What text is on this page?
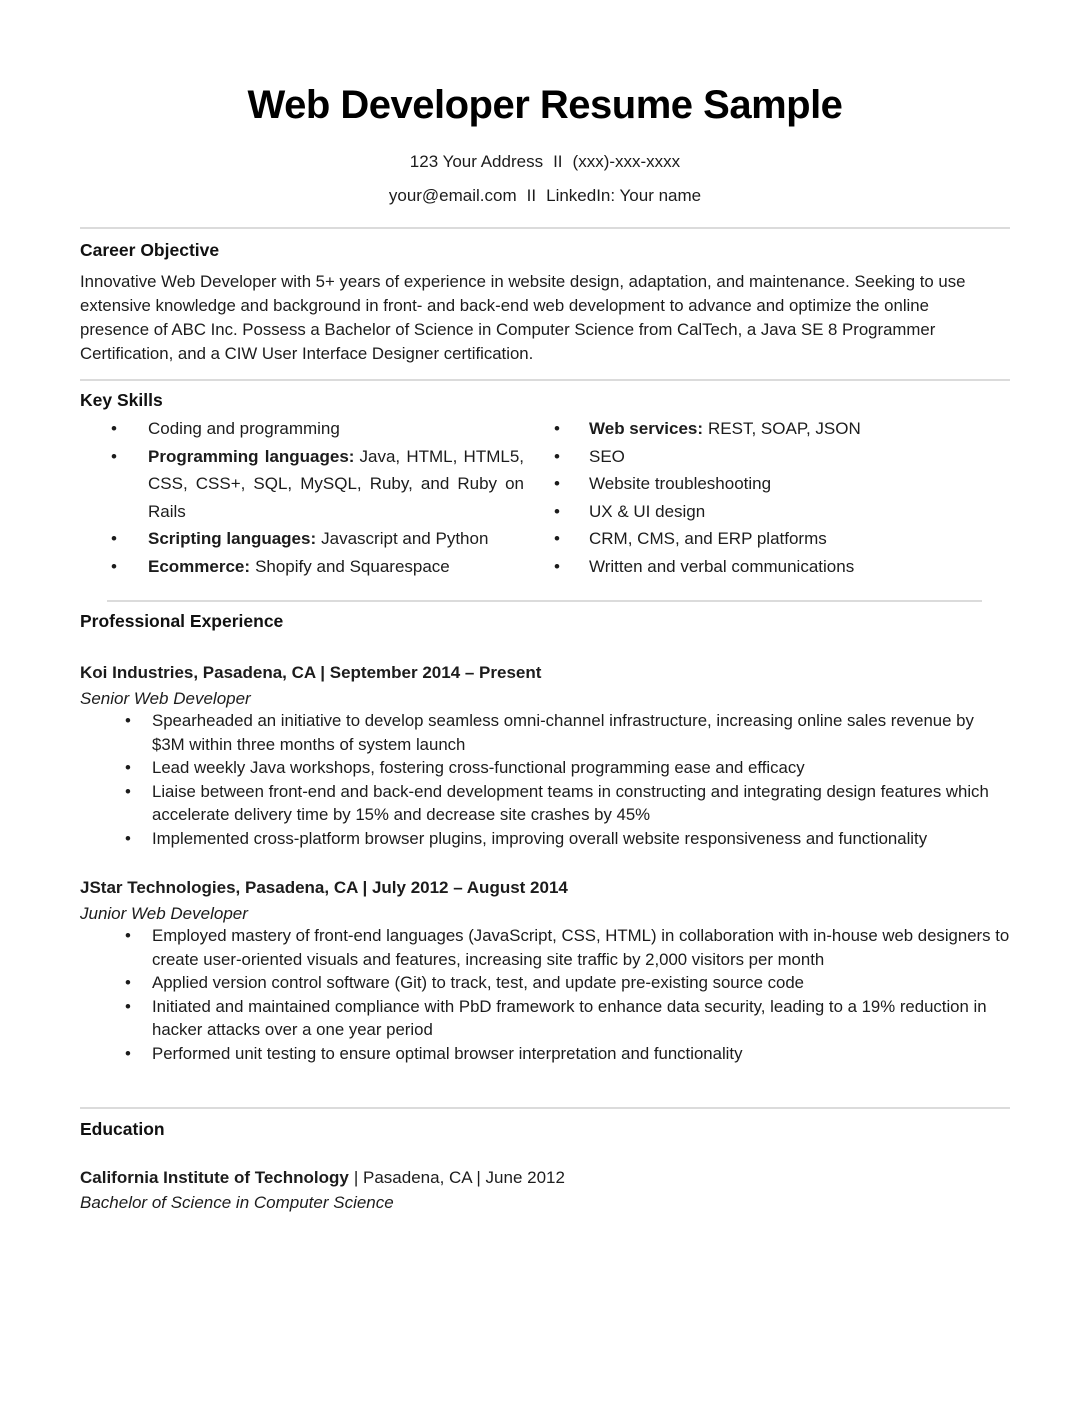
Web Developer Resume Sample
123 Your Address II (xxx)-xxx-xxxx
your@email.com II LinkedIn: Your name
Career Objective

Innovative Web Developer with 5+ years of experience in website design, adaptation, and maintenance. Seeking to use extensive knowledge and background in front- and back-end web development to advance and optimize the online presence of ABC Inc. Possess a Bachelor of Science in Computer Science from CalTech, a Java SE 8 Programmer Certification, and a CIW User Interface Designer certification.

Key Skills
• Coding and programming
• Programming languages: Java, HTML, HTML5, CSS, CSS+, SQL, MySQL, Ruby, and Ruby on Rails
• Scripting languages: Javascript and Python
• Ecommerce: Shopify and Squarespace
• Web services: REST, SOAP, JSON
• SEO
• Website troubleshooting
• UX & UI design
• CRM, CMS, and ERP platforms
• Written and verbal communications
Professional Experience
Koi Industries, Pasadena, CA | September 2014 – Present
Senior Web Developer
• Spearheaded an initiative to develop seamless omni-channel infrastructure, increasing online sales revenue by $3M within three months of system launch
• Lead weekly Java workshops, fostering cross-functional programming ease and efficacy
• Liaise between front-end and back-end development teams in constructing and integrating design features which accelerate delivery time by 15% and decrease site crashes by 45%
• Implemented cross-platform browser plugins, improving overall website responsiveness and functionality
JStar Technologies, Pasadena, CA | July 2012 – August 2014
Junior Web Developer
• Employed mastery of front-end languages (JavaScript, CSS, HTML) in collaboration with in-house web designers to create user-oriented visuals and features, increasing site traffic by 2,000 visitors per month
• Applied version control software (Git) to track, test, and update pre-existing source code
• Initiated and maintained compliance with PbD framework to enhance data security, leading to a 19% reduction in hacker attacks over a one year period
• Performed unit testing to ensure optimal browser interpretation and functionality
Education
California Institute of Technology | Pasadena, CA | June 2012
Bachelor of Science in Computer Science
